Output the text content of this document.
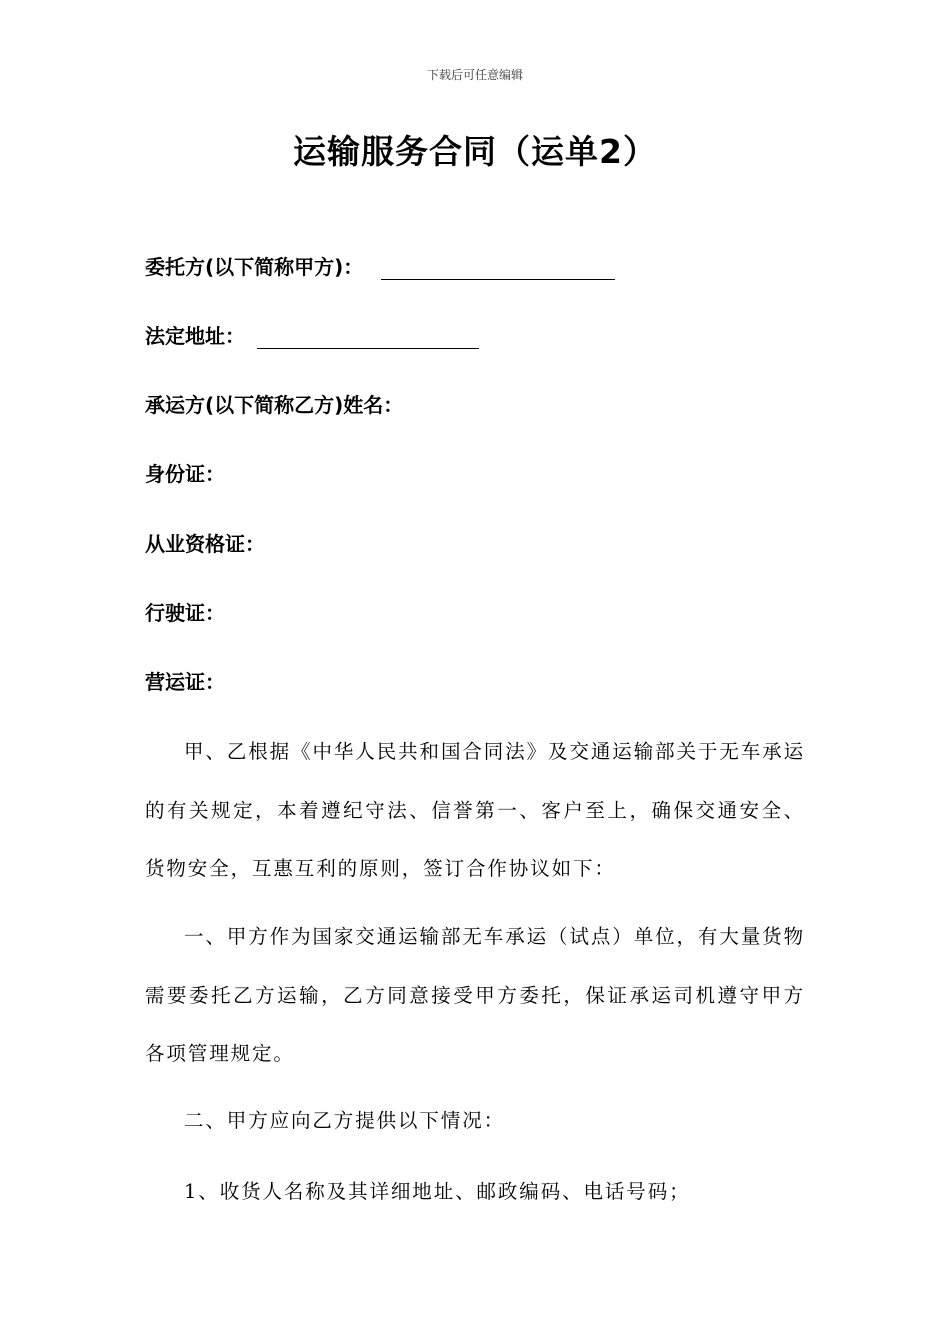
下载后可任意编辑
运输服务合同（运单2）
委托方(以下简称甲方)：
法定地址：
承运方(以下简称乙方)姓名：
身份证：
从业资格证：
行驶证：
营运证：

甲、乙根据《中华人民共和国合同法》及交通运输部关于无车承运的有关规定，本着遵纪守法、信誉第一、客户至上，确保交通安全、货物安全，互惠互利的原则，签订合作协议如下：

一、甲方作为国家交通运输部无车承运（试点）单位，有大量货物需要委托乙方运输，乙方同意接受甲方委托，保证承运司机遵守甲方各项管理规定。

二、甲方应向乙方提供以下情况：

1、收货人名称及其详细地址、邮政编码、电话号码；
